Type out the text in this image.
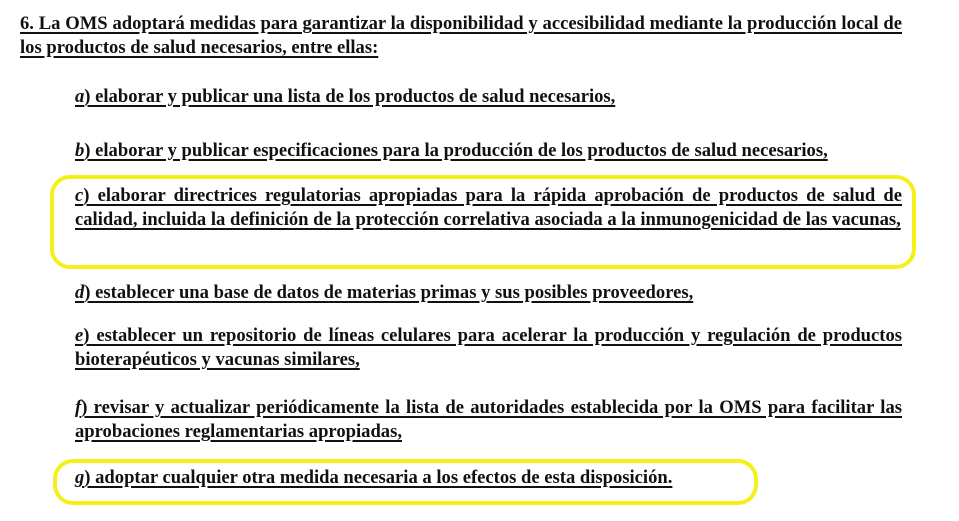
6. La OMS adoptará medidas para garantizar la disponibilidad y accesibilidad mediante la producción local de los productos de salud necesarios, entre ellas:

a) elaborar y publicar una lista de los productos de salud necesarios,

b) elaborar y publicar especificaciones para la producción de los productos de salud necesarios,

c) elaborar directrices regulatorias apropiadas para la rápida aprobación de productos de salud de calidad, incluida la definición de la protección correlativa asociada a la inmunogenicidad de las vacunas,

d) establecer una base de datos de materias primas y sus posibles proveedores,

e) establecer un repositorio de líneas celulares para acelerar la producción y regulación de productos bioterapéuticos y vacunas similares,

f) revisar y actualizar periódicamente la lista de autoridades establecida por la OMS para facilitar las aprobaciones reglamentarias apropiadas,

g) adoptar cualquier otra medida necesaria a los efectos de esta disposición.
